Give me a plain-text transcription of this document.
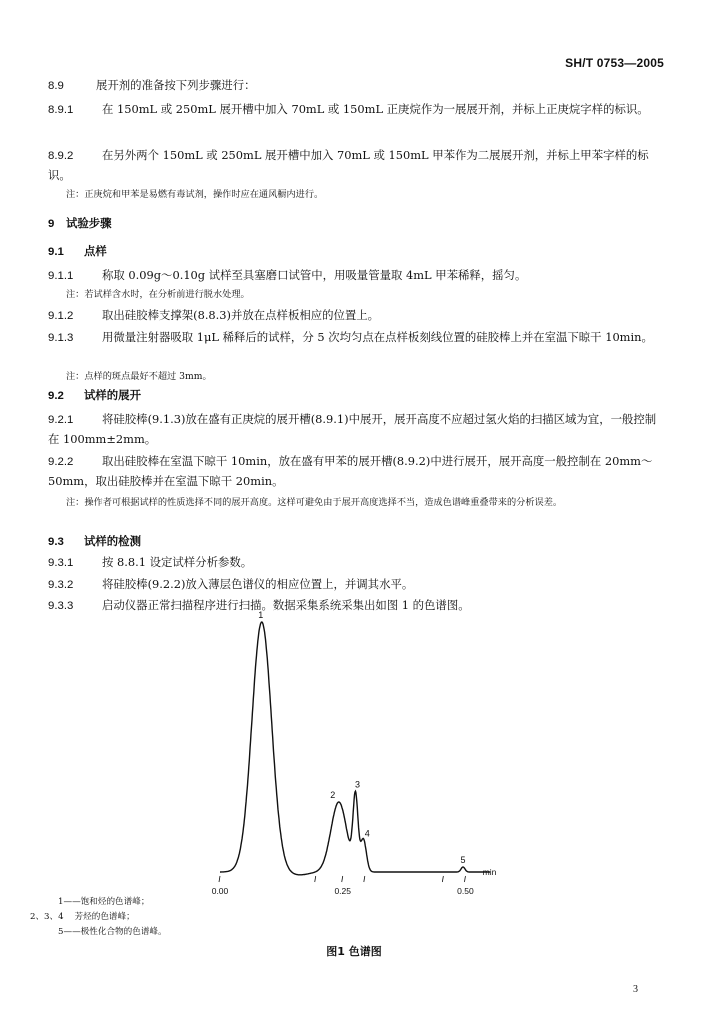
SH/T 0753—2005
8.9	展开剂的准备按下列步骤进行：
8.9.1	在 150mL 或 250mL 展开槽中加入 70mL 或 150mL 正庚烷作为一展展开剂，并标上正庚烷字样的标识。
8.9.2	在另外两个 150mL 或 250mL 展开槽中加入 70mL 或 150mL 甲苯作为二展展开剂，并标上甲苯字样的标识。
注：正庚烷和甲苯是易燃有毒试剂，操作时应在通风橱内进行。
9 试验步骤
9.1 点样
9.1.1	称取 0.09g～0.10g 试样至具塞磨口试管中，用吸量管量取 4mL 甲苯稀释，摇匀。
注：若试样含水时，在分析前进行脱水处理。
9.1.2	取出硅胶棒支撑架(8.8.3)并放在点样板相应的位置上。
9.1.3	用微量注射器吸取 1μL 稀释后的试样，分 5 次均匀点在点样板刻线位置的硅胶棒上并在室温下晾干 10min。
注：点样的斑点最好不超过 3mm。
9.2 试样的展开
9.2.1	将硅胶棒(9.1.3)放在盛有正庚烷的展开槽(8.9.1)中展开，展开高度不应超过氢火焰的扫描区域为宜，一般控制在 100mm±2mm。
9.2.2	取出硅胶棒在室温下晾干 10min，放在盛有甲苯的展开槽(8.9.2)中进行展开，展开高度一般控制在 20mm～50mm，取出硅胶棒并在室温下晾干 20min。
注：操作者可根据试样的性质选择不同的展开高度。这样可避免由于展开高度选择不当，造成色谱峰重叠带来的分析误差。
9.3 试样的检测
9.3.1	按 8.8.1 设定试样分析参数。
9.3.2	将硅胶棒(9.2.2)放入薄层色谱仪的相应位置上，并调其水平。
9.3.3	启动仪器正常扫描程序进行扫描。数据采集系统采集出如图 1 的色谱图。
1
2
3
4
5
0.00	0.25	0.50
min
1——饱和烃的色谱峰；
2、3、4 芳烃的色谱峰；
5——极性化合物的色谱峰。
图1 色谱图
3
